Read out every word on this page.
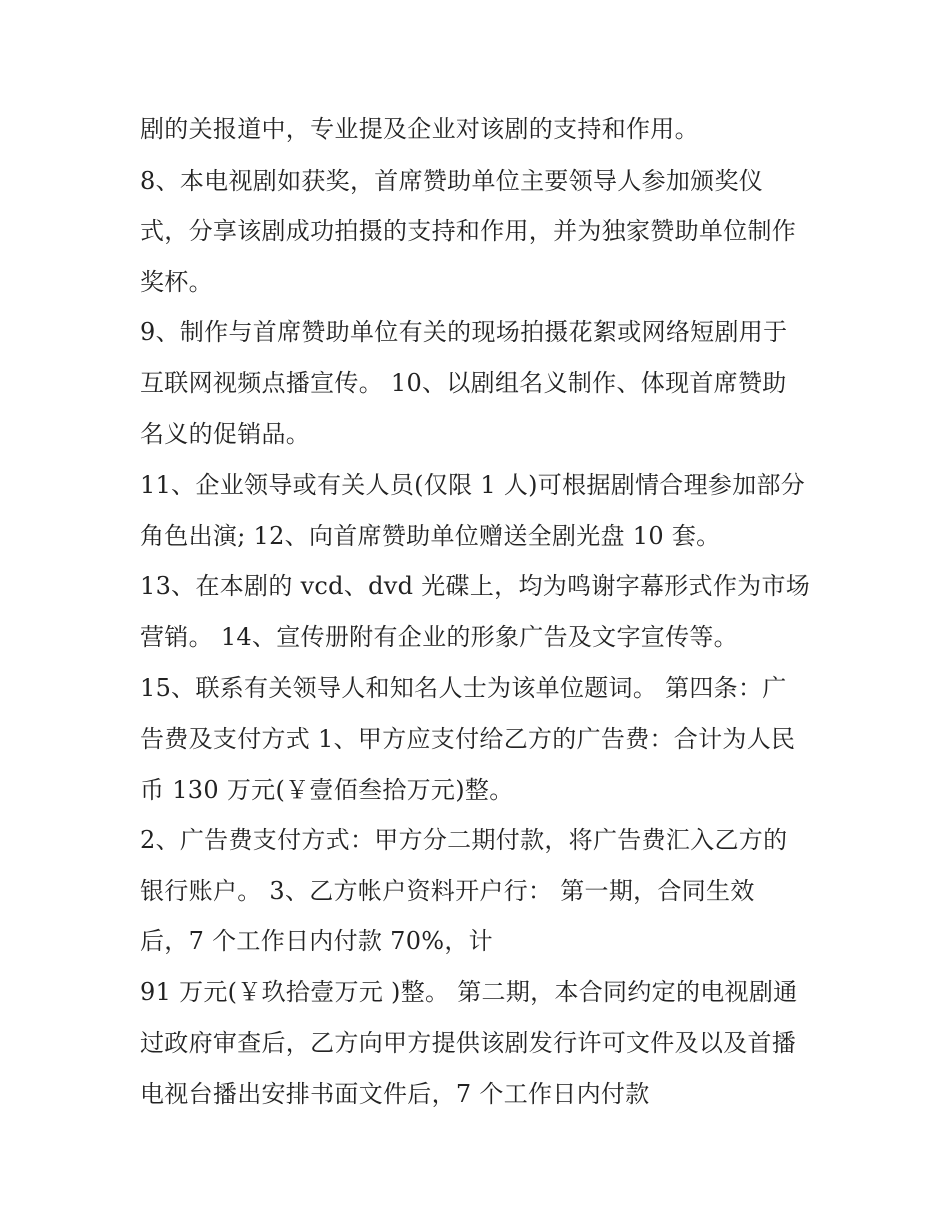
剧的关报道中，专业提及企业对该剧的支持和作用。
8、本电视剧如获奖，首席赞助单位主要领导人参加颁奖仪
式，分享该剧成功拍摄的支持和作用，并为独家赞助单位制作
奖杯。
9、制作与首席赞助单位有关的现场拍摄花絮或网络短剧用于
互联网视频点播宣传。 10、以剧组名义制作、体现首席赞助
名义的促销品。
11、企业领导或有关人员(仅限 1 人)可根据剧情合理参加部分
角色出演; 12、向首席赞助单位赠送全剧光盘 10 套。
13、在本剧的 vcd、dvd 光碟上，均为鸣谢字幕形式作为市场
营销。 14、宣传册附有企业的形象广告及文字宣传等。
15、联系有关领导人和知名人士为该单位题词。 第四条：广
告费及支付方式 1、甲方应支付给乙方的广告费：合计为人民
币 130 万元(￥壹佰叁拾万元)整。
2、广告费支付方式：甲方分二期付款，将广告费汇入乙方的
银行账户。 3、乙方帐户资料开户行： 第一期，合同生效
后，7 个工作日内付款 70%，计
91 万元(￥玖拾壹万元 )整。 第二期，本合同约定的电视剧通
过政府审查后，乙方向甲方提供该剧发行许可文件及以及首播
电视台播出安排书面文件后，7 个工作日内付款
